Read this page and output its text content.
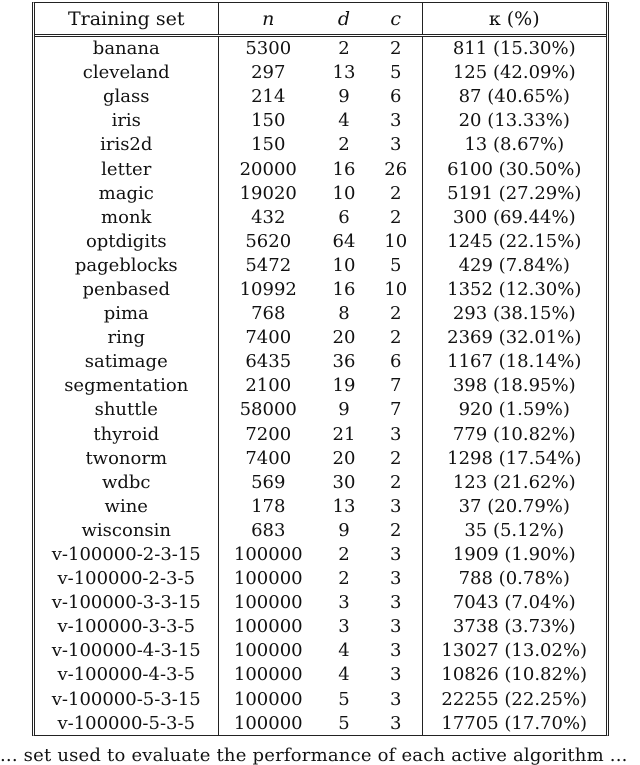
Training set	n	d	c	κ (%)
banana	5300	2	2	811 (15.30%)
cleveland	297	13	5	125 (42.09%)
glass	214	9	6	87 (40.65%)
iris	150	4	3	20 (13.33%)
iris2d	150	2	3	13 (8.67%)
letter	20000	16	26	6100 (30.50%)
magic	19020	10	2	5191 (27.29%)
monk	432	6	2	300 (69.44%)
optdigits	5620	64	10	1245 (22.15%)
pageblocks	5472	10	5	429 (7.84%)
penbased	10992	16	10	1352 (12.30%)
pima	768	8	2	293 (38.15%)
ring	7400	20	2	2369 (32.01%)
satimage	6435	36	6	1167 (18.14%)
segmentation	2100	19	7	398 (18.95%)
shuttle	58000	9	7	920 (1.59%)
thyroid	7200	21	3	779 (10.82%)
twonorm	7400	20	2	1298 (17.54%)
wdbc	569	30	2	123 (21.62%)
wine	178	13	3	37 (20.79%)
wisconsin	683	9	2	35 (5.12%)
v-100000-2-3-15	100000	2	3	1909 (1.90%)
v-100000-2-3-5	100000	2	3	788 (0.78%)
v-100000-3-3-15	100000	3	3	7043 (7.04%)
v-100000-3-3-5	100000	3	3	3738 (3.73%)
v-100000-4-3-15	100000	4	3	13027 (13.02%)
v-100000-4-3-5	100000	4	3	10826 (10.82%)
v-100000-5-3-15	100000	5	3	22255 (22.25%)
v-100000-5-3-5	100000	5	3	17705 (17.70%)
... set used to evaluate the performance of each active algorithm ...
